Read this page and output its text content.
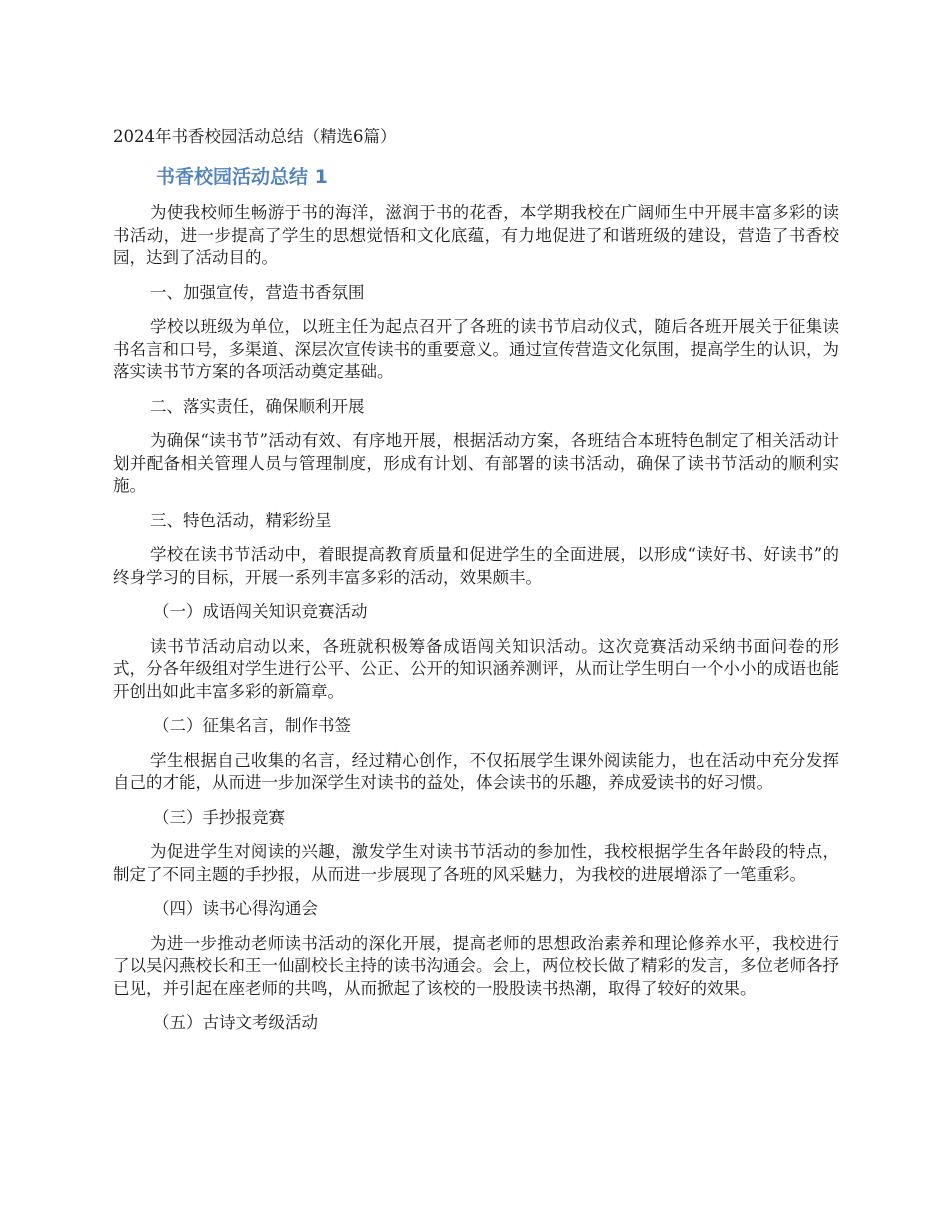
2024年书香校园活动总结（精选6篇）
书香校园活动总结 1

为使我校师生畅游于书的海洋，滋润于书的花香，本学期我校在广阔师生中开展丰富多彩的读书活动，进一步提高了学生的思想觉悟和文化底蕴，有力地促进了和谐班级的建设，营造了书香校园，达到了活动目的。

一、加强宣传，营造书香氛围

学校以班级为单位，以班主任为起点召开了各班的读书节启动仪式，随后各班开展关于征集读书名言和口号，多渠道、深层次宣传读书的重要意义。通过宣传营造文化氛围，提高学生的认识，为落实读书节方案的各项活动奠定基础。

二、落实责任，确保顺利开展

为确保“读书节”活动有效、有序地开展，根据活动方案，各班结合本班特色制定了相关活动计划并配备相关管理人员与管理制度，形成有计划、有部署的读书活动，确保了读书节活动的顺利实施。

三、特色活动，精彩纷呈

学校在读书节活动中，着眼提高教育质量和促进学生的全面进展，以形成“读好书、好读书”的终身学习的目标，开展一系列丰富多彩的活动，效果颇丰。

（一）成语闯关知识竞赛活动

读书节活动启动以来，各班就积极筹备成语闯关知识活动。这次竞赛活动采纳书面问卷的形式，分各年级组对学生进行公平、公正、公开的知识涵养测评，从而让学生明白一个小小的成语也能开创出如此丰富多彩的新篇章。

（二）征集名言，制作书签

学生根据自己收集的名言，经过精心创作，不仅拓展学生课外阅读能力，也在活动中充分发挥自己的才能，从而进一步加深学生对读书的益处，体会读书的乐趣，养成爱读书的好习惯。

（三）手抄报竞赛

为促进学生对阅读的兴趣，激发学生对读书节活动的参加性，我校根据学生各年龄段的特点，制定了不同主题的手抄报，从而进一步展现了各班的风采魅力，为我校的进展增添了一笔重彩。

（四）读书心得沟通会

为进一步推动老师读书活动的深化开展，提高老师的思想政治素养和理论修养水平，我校进行了以吴闪燕校长和王一仙副校长主持的读书沟通会。会上，两位校长做了精彩的发言，多位老师各抒已见，并引起在座老师的共鸣，从而掀起了该校的一股股读书热潮，取得了较好的效果。

（五）古诗文考级活动
